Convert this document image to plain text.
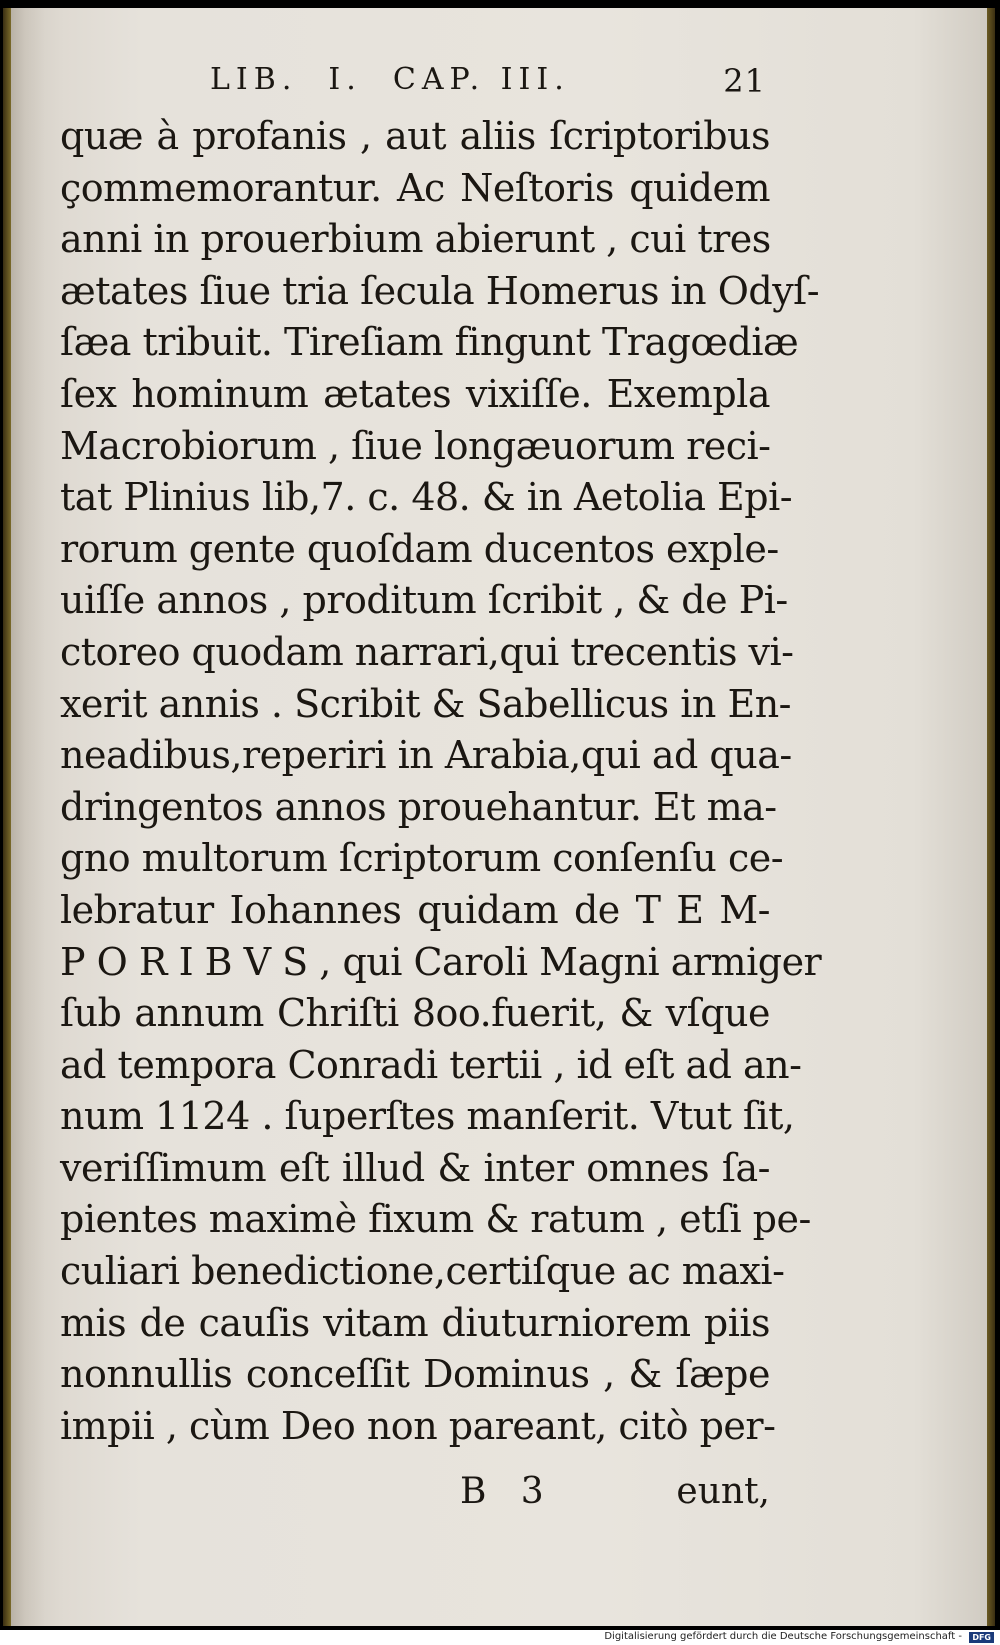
LIB.  I.  CAP. III.	21
quæ à profanis , aut aliis ſcriptoribus
çommemorantur. Ac Neſtoris quidem
anni in prouerbium abierunt , cui tres
ætates ſiue tria ſecula Homerus in Odyſ-
ſæa tribuit. Tireſiam fingunt Tragœdiæ
ſex hominum ætates vixiſſe. Exempla
Macrobiorum , ſiue longæuorum reci-
tat Plinius lib,7. c. 48. & in Aetolia Epi-
rorum gente quoſdam ducentos exple-
uiſſe annos , proditum ſcribit , & de Pi-
ctoreo quodam narrari,qui trecentis vi-
xerit annis . Scribit & Sabellicus in En-
neadibus,reperiri in Arabia,qui ad qua-
dringentos annos prouehantur. Et ma-
gno multorum ſcriptorum conſenſu ce-
lebratur Iohannes quidam de T E M-
P O R I B V S , qui Caroli Magni armiger
ſub annum Chriſti 8oo.fuerit, & vſque
ad tempora Conradi tertii , id eſt ad an-
num 1124 . ſuperſtes manſerit. Vtut ſit,
veriſſimum eſt illud & inter omnes ſa-
pientes maximè fixum & ratum , etſi pe-
culiari benedictione,certiſque ac maxi-
mis de cauſis vitam diuturniorem piis
nonnullis conceſſit Dominus , & ſæpe
impii , cùm Deo non pareant, citò per-
B   3	eunt,
Digitalisierung gefördert durch die Deutsche Forschungsgemeinschaft -	DFG
